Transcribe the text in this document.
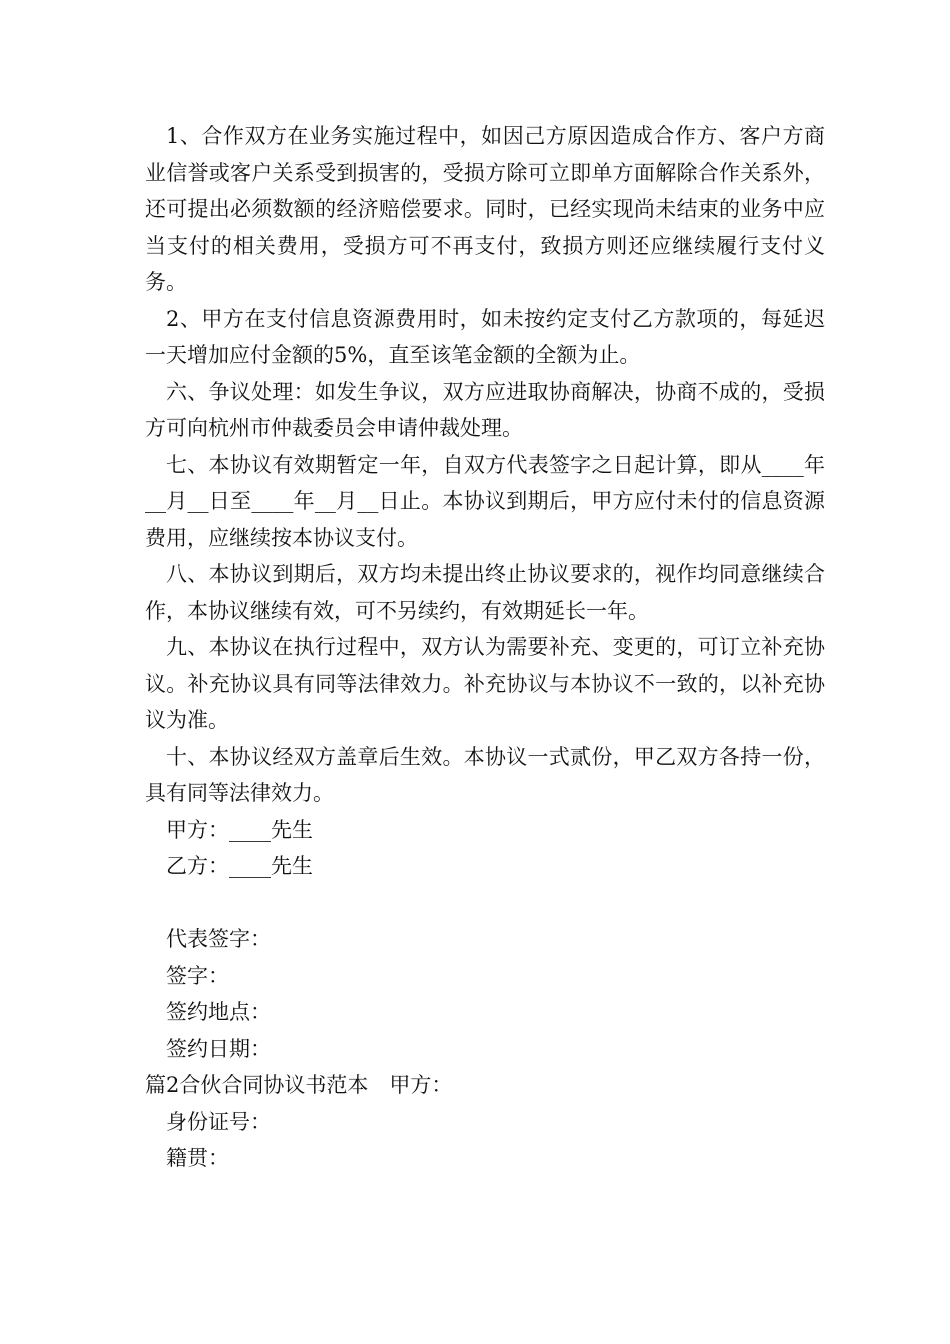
1、合作双方在业务实施过程中，如因己方原因造成合作方、客户方商业信誉或客户关系受到损害的，受损方除可立即单方面解除合作关系外，还可提出必须数额的经济赔偿要求。同时，已经实现尚未结束的业务中应当支付的相关费用，受损方可不再支付，致损方则还应继续履行支付义务。

2、甲方在支付信息资源费用时，如未按约定支付乙方款项的，每延迟一天增加应付金额的5%，直至该笔金额的全额为止。

六、争议处理：如发生争议，双方应进取协商解决，协商不成的，受损方可向杭州市仲裁委员会申请仲裁处理。

七、本协议有效期暂定一年，自双方代表签字之日起计算，即从____年__月__日至____年__月__日止。本协议到期后，甲方应付未付的信息资源费用，应继续按本协议支付。

八、本协议到期后，双方均未提出终止协议要求的，视作均同意继续合作，本协议继续有效，可不另续约，有效期延长一年。

九、本协议在执行过程中，双方认为需要补充、变更的，可订立补充协议。补充协议具有同等法律效力。补充协议与本协议不一致的，以补充协议为准。

十、本协议经双方盖章后生效。本协议一式贰份，甲乙双方各持一份，具有同等法律效力。

甲方：____先生
乙方：____先生
代表签字：
签字：
签约地点：
签约日期：
篇2合伙合同协议书范本　甲方：
身份证号：
籍贯：
